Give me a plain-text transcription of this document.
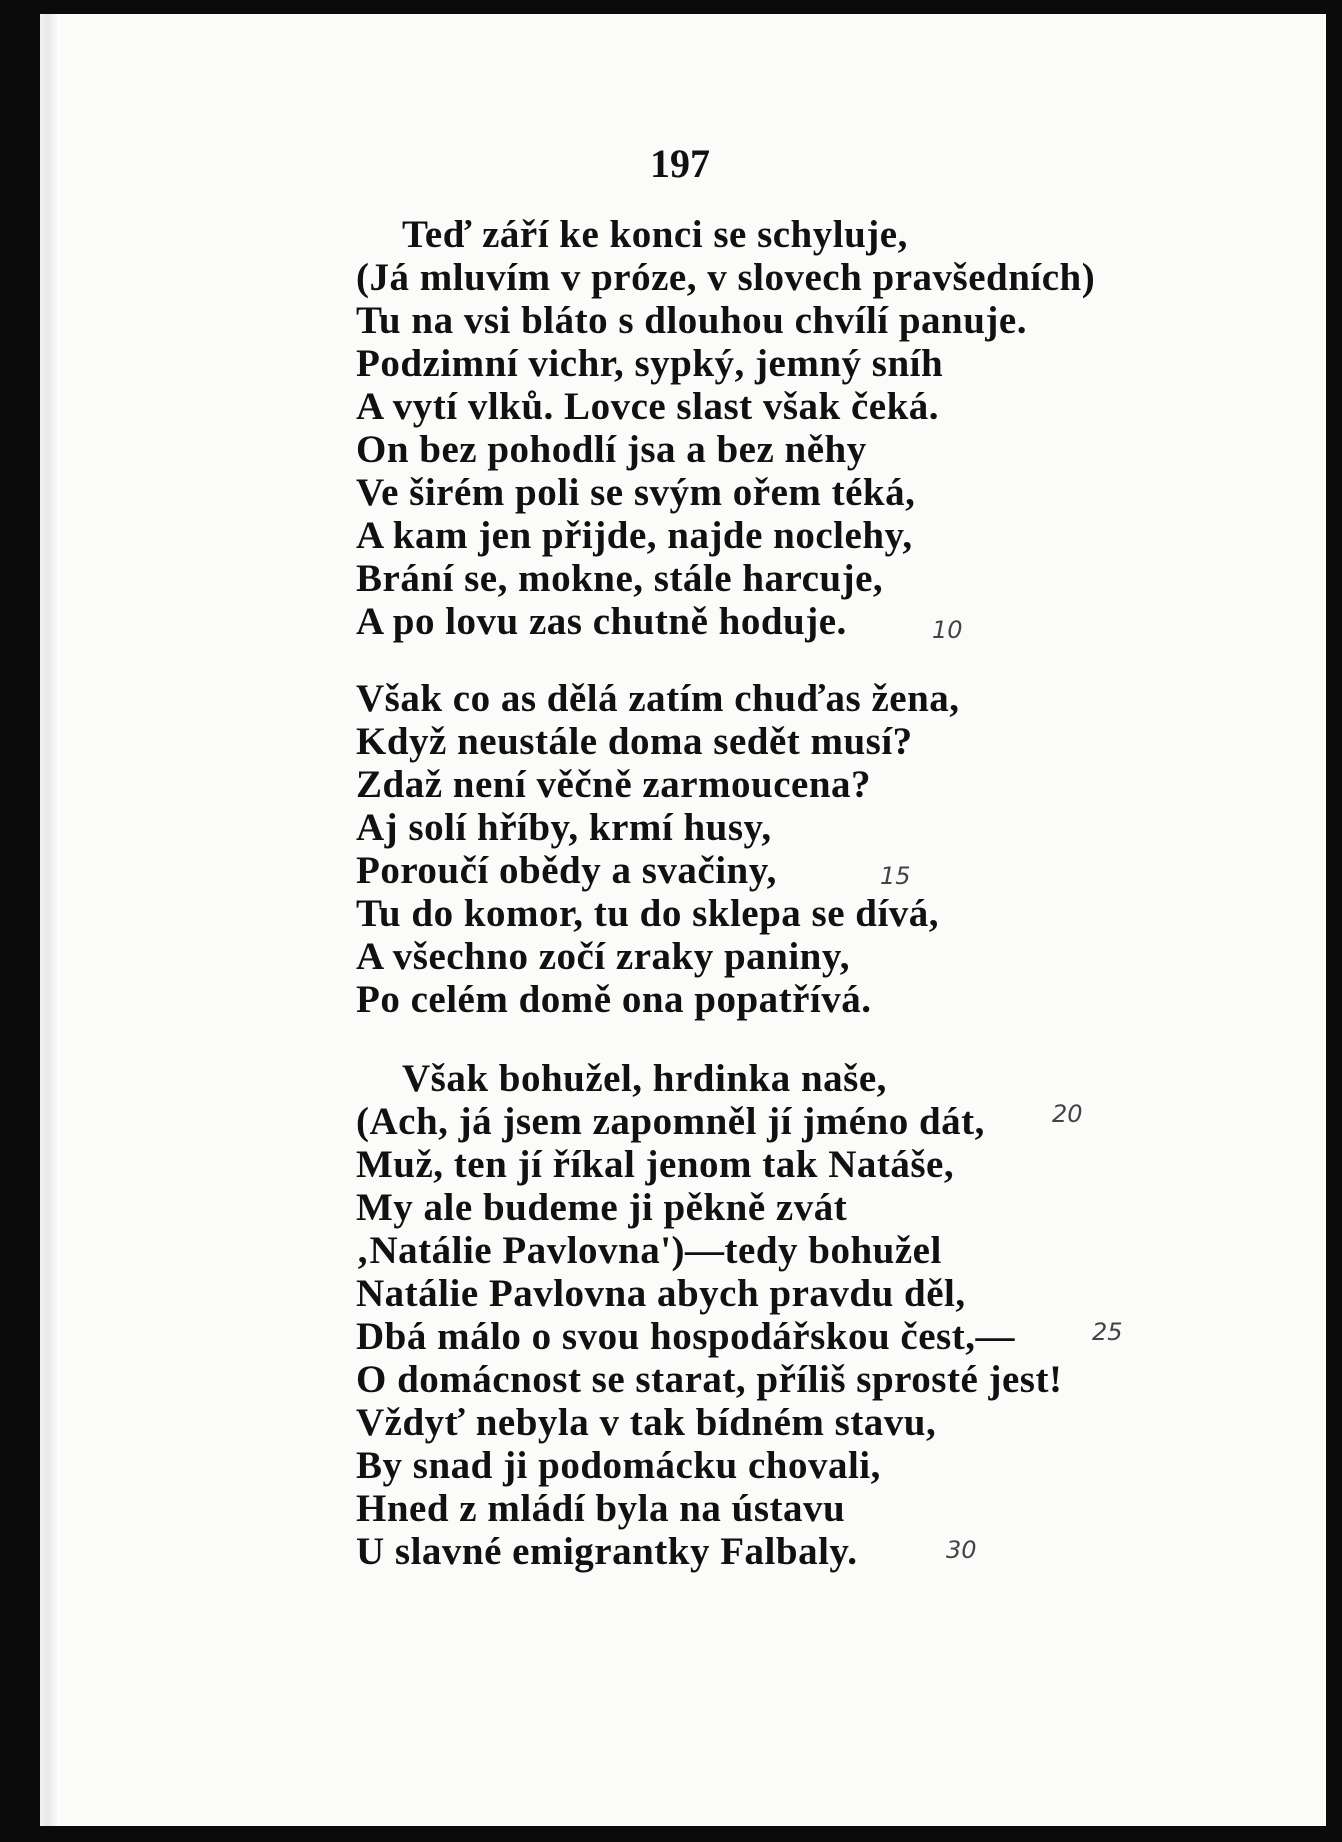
197

Teď září ke konci se schyluje,
(Já mluvím v próze, v slovech pravšedních)
Tu na vsi bláto s dlouhou chvílí panuje.
Podzimní vichr, sypký, jemný sníh
A vytí vlků. Lovce slast však čeká.
On bez pohodlí jsa a bez něhy
Ve širém poli se svým ořem téká,
A kam jen přijde, najde noclehy,
Brání se, mokne, stále harcuje,
A po lovu zas chutně hoduje.
Však co as dělá zatím chuďas žena,
Když neustále doma sedět musí?
Zdaž není věčně zarmoucena?
Aj solí hříby, krmí husy,
Poroučí obědy a svačiny,
Tu do komor, tu do sklepa se dívá,
A všechno zočí zraky paniny,
Po celém domě ona popatřívá.
Však bohužel, hrdinka naše,
(Ach, já jsem zapomněl jí jméno dát,
Muž, ten jí říkal jenom tak Natáše,
My ale budeme ji pěkně zvát
‚Natálie Pavlovna')—tedy bohužel
Natálie Pavlovna abych pravdu děl,
Dbá málo o svou hospodářskou čest,—
O domácnost se starat, příliš sprosté jest!
Vždyť nebyla v tak bídném stavu,
By snad ji podomácku chovali,
Hned z mládí byla na ústavu
U slavné emigrantky Falbaly.
10
15
20
25
30
